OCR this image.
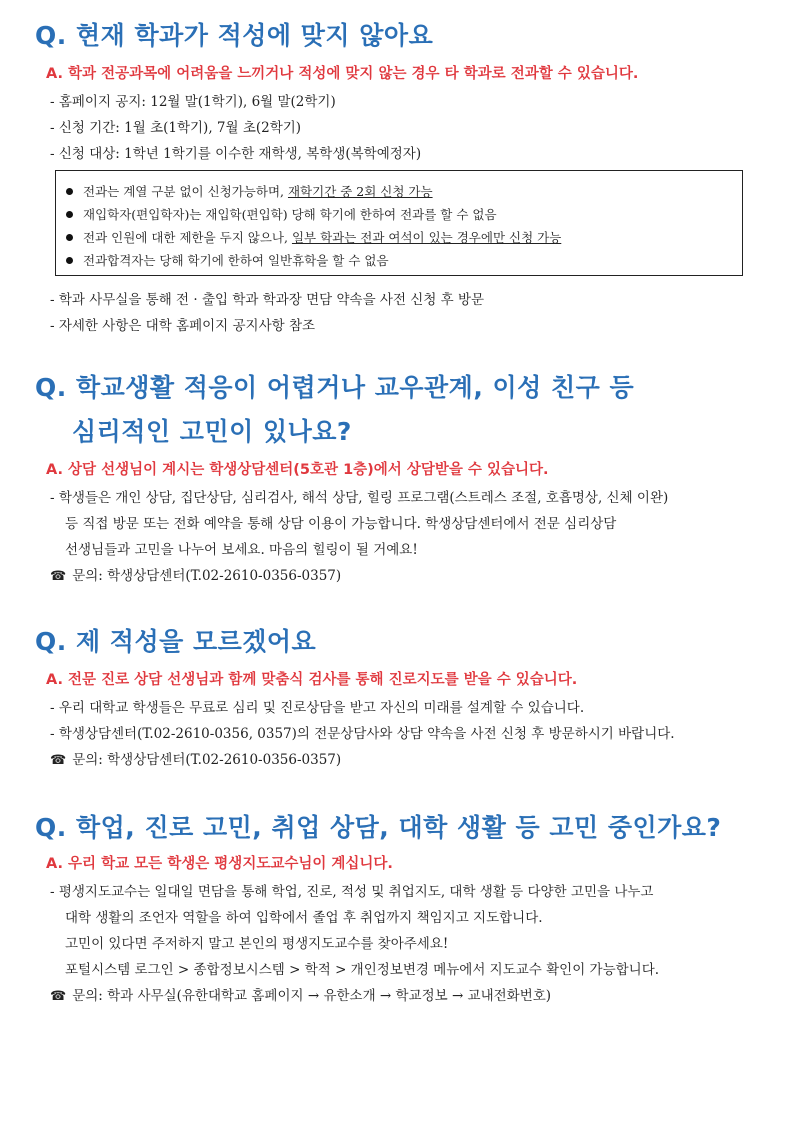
Q. 현재 학과가 적성에 맞지 않아요
A. 학과 전공과목에 어려움을 느끼거나 적성에 맞지 않는 경우 타 학과로 전과할 수 있습니다.
- 홈페이지 공지: 12월 말(1학기), 6월 말(2학기)
- 신청 기간: 1월 초(1학기), 7월 초(2학기)
- 신청 대상: 1학년 1학기를 이수한 재학생, 복학생(복학예정자)
전과는 계열 구분 없이 신청가능하며, 재학기간 중 2회 신청 가능
재입학자(편입학자)는 재입학(편입학) 당해 학기에 한하여 전과를 할 수 없음
전과 인원에 대한 제한을 두지 않으나, 일부 학과는 전과 여석이 있는 경우에만 신청 가능
전과합격자는 당해 학기에 한하여 일반휴학을 할 수 없음
- 학과 사무실을 통해 전 · 출입 학과 학과장 면담 약속을 사전 신청 후 방문
- 자세한 사항은 대학 홈페이지 공지사항 참조
Q. 학교생활 적응이 어렵거나 교우관계, 이성 친구 등
심리적인 고민이 있나요?
A. 상담 선생님이 계시는 학생상담센터(5호관 1층)에서 상담받을 수 있습니다.
- 학생들은 개인 상담, 집단상담, 심리검사, 해석 상담, 힐링 프로그램(스트레스 조절, 호흡명상, 신체 이완)
등 직접 방문 또는 전화 예약을 통해 상담 이용이 가능합니다. 학생상담센터에서 전문 심리상담
선생님들과 고민을 나누어 보세요. 마음의 힐링이 될 거예요!
☎ 문의: 학생상담센터(T.02-2610-0356-0357)
Q. 제 적성을 모르겠어요
A. 전문 진로 상담 선생님과 함께 맞춤식 검사를 통해 진로지도를 받을 수 있습니다.
- 우리 대학교 학생들은 무료로 심리 및 진로상담을 받고 자신의 미래를 설계할 수 있습니다.
- 학생상담센터(T.02-2610-0356, 0357)의 전문상담사와 상담 약속을 사전 신청 후 방문하시기 바랍니다.
☎ 문의: 학생상담센터(T.02-2610-0356-0357)
Q. 학업, 진로 고민, 취업 상담, 대학 생활 등 고민 중인가요?
A. 우리 학교 모든 학생은 평생지도교수님이 계십니다.
- 평생지도교수는 일대일 면담을 통해 학업, 진로, 적성 및 취업지도, 대학 생활 등 다양한 고민을 나누고
대학 생활의 조언자 역할을 하여 입학에서 졸업 후 취업까지 책임지고 지도합니다.
고민이 있다면 주저하지 말고 본인의 평생지도교수를 찾아주세요!
포털시스템 로그인 > 종합정보시스템 > 학적 > 개인정보변경 메뉴에서 지도교수 확인이 가능합니다.
☎ 문의: 학과 사무실(유한대학교 홈페이지 → 유한소개 → 학교정보 → 교내전화번호)
